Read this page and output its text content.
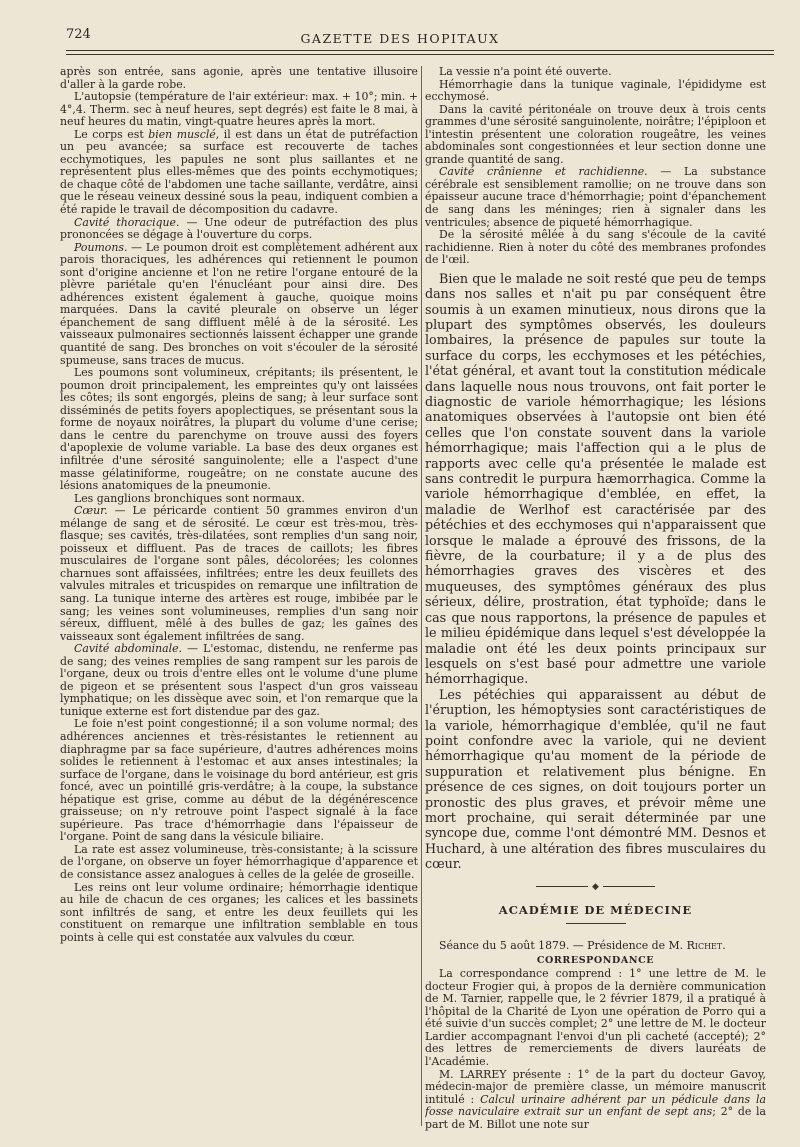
724	GAZETTE DES HOPITAUX

après son entrée, sans agonie, après une tentative illusoire d'aller à la garde robe.

L'autopsie (température de l'air extérieur: max. + 10°; min. + 4°,4. Therm. sec à neuf heures, sept degrés) est faite le 8 mai, à neuf heures du matin, vingt-quatre heures après la mort.

Le corps est bien musclé, il est dans un état de putréfaction un peu avancée; sa surface est recouverte de taches ecchymotiques, les papules ne sont plus saillantes et ne représentent plus elles-mêmes que des points ecchymotiques; de chaque côté de l'abdomen une tache saillante, verdâtre, ainsi que le réseau veineux dessiné sous la peau, indiquent combien a été rapide le travail de décomposition du cadavre.

Cavité thoracique. — Une odeur de putréfaction des plus prononcées se dégage à l'ouverture du corps.

Poumons. — Le poumon droit est complètement adhérent aux parois thoraciques, les adhérences qui retiennent le poumon sont d'origine ancienne et l'on ne retire l'organe entouré de la plèvre pariétale qu'en l'énucléant pour ainsi dire. Des adhérences existent également à gauche, quoique moins marquées. Dans la cavité pleurale on observe un léger épanchement de sang diffluent mêlé à de la sérosité. Les vaisseaux pulmonaires sectionnés laissent échapper une grande quantité de sang. Des bronches on voit s'écouler de la sérosité spumeuse, sans traces de mucus.

Les poumons sont volumineux, crépitants; ils présentent, le poumon droit principalement, les empreintes qu'y ont laissées les côtes; ils sont engorgés, pleins de sang; à leur surface sont disséminés de petits foyers apoplectiques, se présentant sous la forme de noyaux noirâtres, la plupart du volume d'une cerise; dans le centre du parenchyme on trouve aussi des foyers d'apoplexie de volume variable. La base des deux organes est infiltrée d'une sérosité sanguinolente; elle a l'aspect d'une masse gélatiniforme, rougeâtre; on ne constate aucune des lésions anatomiques de la pneumonie.

Les ganglions bronchiques sont normaux.

Cœur. — Le péricarde contient 50 grammes environ d'un mélange de sang et de sérosité. Le cœur est très-mou, très-flasque; ses cavités, très-dilatées, sont remplies d'un sang noir, poisseux et diffluent. Pas de traces de caillots; les fibres musculaires de l'organe sont pâles, décolorées; les colonnes charnues sont affaissées, infiltrées; entre les deux feuillets des valvules mitrales et tricuspides on remarque une infiltration de sang. La tunique interne des artères est rouge, imbibée par le sang; les veines sont volumineuses, remplies d'un sang noir séreux, diffluent, mêlé à des bulles de gaz; les gaînes des vaisseaux sont également infiltrées de sang.

Cavité abdominale. — L'estomac, distendu, ne renferme pas de sang; des veines remplies de sang rampent sur les parois de l'organe, deux ou trois d'entre elles ont le volume d'une plume de pigeon et se présentent sous l'aspect d'un gros vaisseau lymphatique; on les dissèque avec soin, et l'on remarque que la tunique externe est fort distendue par des gaz.

Le foie n'est point congestionné; il a son volume normal; des adhérences anciennes et très-résistantes le retiennent au diaphragme par sa face supérieure, d'autres adhérences moins solides le retiennent à l'estomac et aux anses intestinales; la surface de l'organe, dans le voisinage du bord antérieur, est gris foncé, avec un pointillé gris-verdâtre; à la coupe, la substance hépatique est grise, comme au début de la dégénérescence graisseuse; on n'y retrouve point l'aspect signalé à la face supérieure. Pas trace d'hémorrhagie dans l'épaisseur de l'organe. Point de sang dans la vésicule biliaire.

La rate est assez volumineuse, très-consistante; à la scissure de l'organe, on observe un foyer hémorrhagique d'apparence et de consistance assez analogues à celles de la gelée de groseille.

Les reins ont leur volume ordinaire; hémorrhagie identique au hile de chacun de ces organes; les calices et les bassinets sont infiltrés de sang, et entre les deux feuillets qui les constituent on remarque une infiltration semblable en tous points à celle qui est constatée aux valvules du cœur.

La vessie n'a point été ouverte.

Hémorrhagie dans la tunique vaginale, l'épididyme est ecchymosé.

Dans la cavité péritonéale on trouve deux à trois cents grammes d'une sérosité sanguinolente, noirâtre; l'épiploon et l'intestin présentent une coloration rougeâtre, les veines abdominales sont congestionnées et leur section donne une grande quantité de sang.

Cavité crânienne et rachidienne. — La substance cérébrale est sensiblement ramollie; on ne trouve dans son épaisseur aucune trace d'hémorrhagie; point d'épanchement de sang dans les méninges; rien à signaler dans les ventricules; absence de piqueté hémorrhagique.

De la sérosité mêlée à du sang s'écoule de la cavité rachidienne. Rien à noter du côté des membranes profondes de l'œil.

Bien que le malade ne soit resté que peu de temps dans nos salles et n'ait pu par conséquent être soumis à un examen minutieux, nous dirons que la plupart des symptômes observés, les douleurs lombaires, la présence de papules sur toute la surface du corps, les ecchymoses et les pétéchies, l'état général, et avant tout la constitution médicale dans laquelle nous nous trouvons, ont fait porter le diagnostic de variole hémorrhagique; les lésions anatomiques observées à l'autopsie ont bien été celles que l'on constate souvent dans la variole hémorrhagique; mais l'affection qui a le plus de rapports avec celle qu'a présentée le malade est sans contredit le purpura hæmorrhagica. Comme la variole hémorrhagique d'emblée, en effet, la maladie de Werlhof est caractérisée par des pétéchies et des ecchymoses qui n'apparaissent que lorsque le malade a éprouvé des frissons, de la fièvre, de la courbature; il y a de plus des hémorrhagies graves des viscères et des muqueuses, des symptômes généraux des plus sérieux, délire, prostration, état typhoïde; dans le cas que nous rapportons, la présence de papules et le milieu épidémique dans lequel s'est développée la maladie ont été les deux points principaux sur lesquels on s'est basé pour admettre une variole hémorrhagique.

Les pétéchies qui apparaissent au début de l'éruption, les hémoptysies sont caractéristiques de la variole, hémorrhagique d'emblée, qu'il ne faut point confondre avec la variole, qui ne devient hémorrhagique qu'au moment de la période de suppuration et relativement plus bénigne. En présence de ces signes, on doit toujours porter un pronostic des plus graves, et prévoir même une mort prochaine, qui serait déterminée par une syncope due, comme l'ont démontré MM. Desnos et Huchard, à une altération des fibres musculaires du cœur.

◆
ACADÉMIE DE MÉDECINE

Séance du 5 août 1879. — Présidence de M. Richet.

CORRESPONDANCE

La correspondance comprend : 1° une lettre de M. le docteur Frogier qui, à propos de la dernière communication de M. Tarnier, rappelle que, le 2 février 1879, il a pratiqué à l'hôpital de la Charité de Lyon une opération de Porro qui a été suivie d'un succès complet; 2° une lettre de M. le docteur Lardier accompagnant l'envoi d'un pli cacheté (accepté); 2° des lettres de remerciements de divers lauréats de l'Académie.

M. LARREY présente : 1° de la part du docteur Gavoy, médecin-major de première classe, un mémoire manuscrit intitulé : Calcul urinaire adhérent par un pédicule dans la fosse naviculaire extrait sur un enfant de sept ans; 2° de la part de M. Billot une note sur
